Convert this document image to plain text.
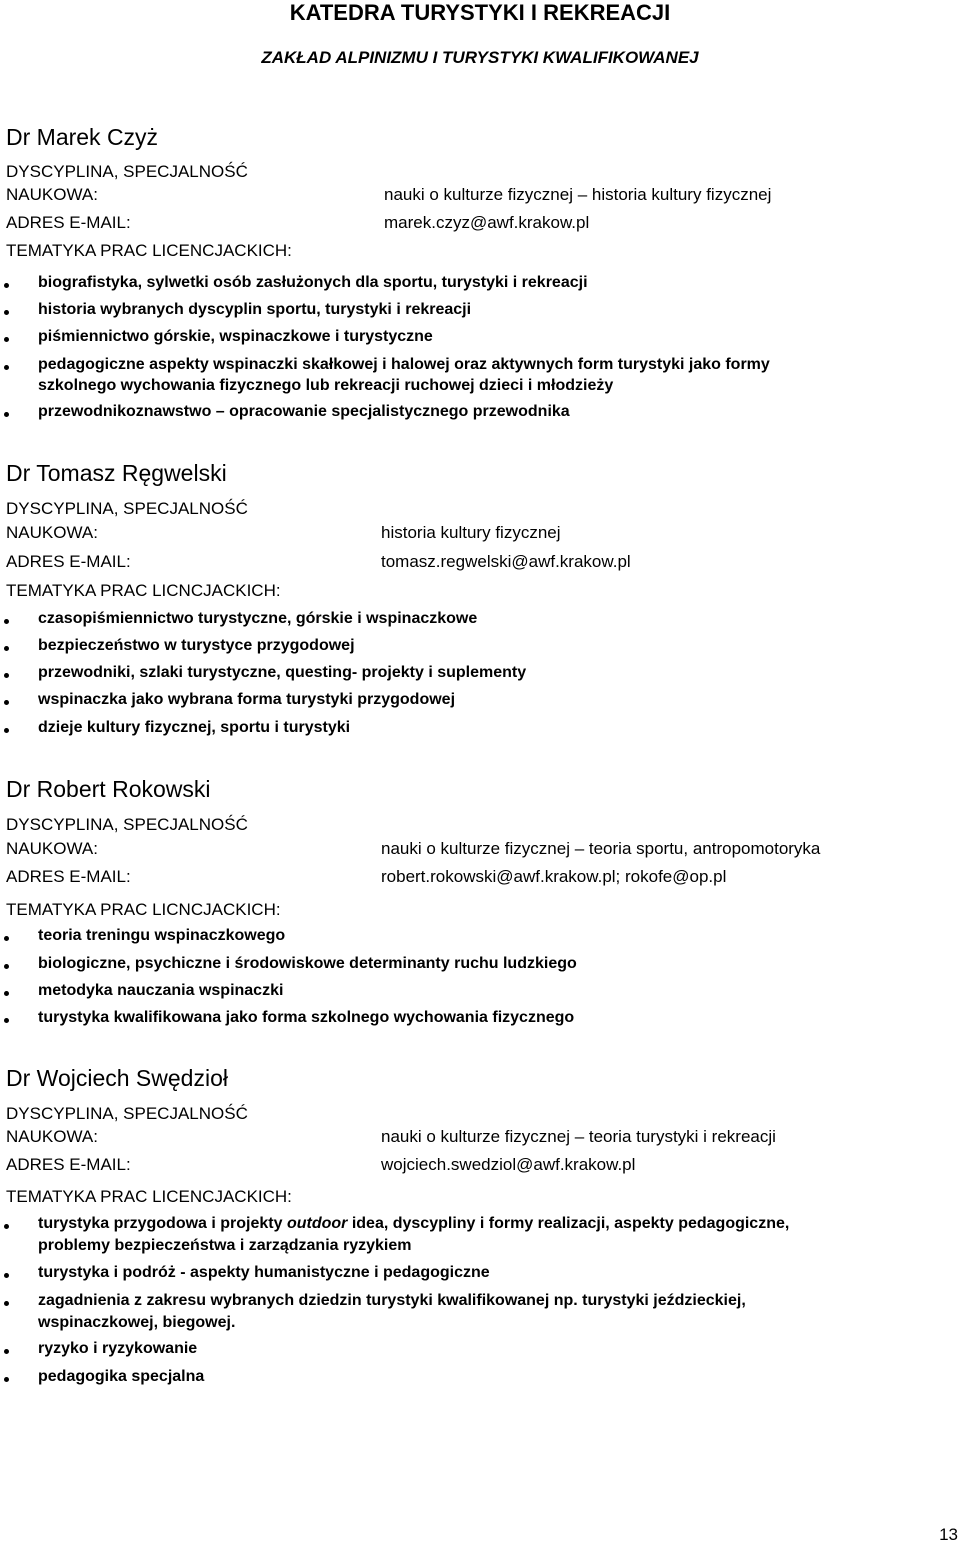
KATEDRA TURYSTYKI I REKREACJI
ZAKŁAD ALPINIZMU I TURYSTYKI KWALIFIKOWANEJ
Dr Marek Czyż
DYSCYPLINA, SPECJALNOŚĆ
NAUKOWA:	nauki o kulturze fizycznej – historia kultury fizycznej
ADRES E-MAIL:	marek.czyz@awf.krakow.pl
TEMATYKA PRAC LICENCJACKICH:
biografistyka, sylwetki osób zasłużonych dla sportu, turystyki i rekreacji
historia wybranych dyscyplin sportu, turystyki i rekreacji
piśmiennictwo górskie, wspinaczkowe i turystyczne
pedagogiczne aspekty wspinaczki skałkowej i halowej oraz aktywnych form turystyki jako formy
szkolnego wychowania fizycznego lub rekreacji ruchowej dzieci i młodzieży
przewodnikoznawstwo – opracowanie specjalistycznego przewodnika
Dr Tomasz Ręgwelski
DYSCYPLINA, SPECJALNOŚĆ
NAUKOWA:	historia kultury fizycznej
ADRES E-MAIL:	tomasz.regwelski@awf.krakow.pl
TEMATYKA PRAC LICNCJACKICH:
czasopiśmiennictwo turystyczne, górskie i wspinaczkowe
bezpieczeństwo w turystyce przygodowej
przewodniki, szlaki turystyczne, questing- projekty i suplementy
wspinaczka jako wybrana forma turystyki przygodowej
dzieje kultury fizycznej, sportu i turystyki
Dr Robert Rokowski
DYSCYPLINA, SPECJALNOŚĆ
NAUKOWA:	nauki o kulturze fizycznej – teoria sportu, antropomotoryka
ADRES E-MAIL:	robert.rokowski@awf.krakow.pl; rokofe@op.pl
TEMATYKA PRAC LICNCJACKICH:
teoria treningu wspinaczkowego
biologiczne, psychiczne i środowiskowe determinanty ruchu ludzkiego
metodyka nauczania wspinaczki
turystyka kwalifikowana jako forma szkolnego wychowania fizycznego
Dr Wojciech Swędzioł
DYSCYPLINA, SPECJALNOŚĆ
NAUKOWA:	nauki o kulturze fizycznej – teoria turystyki i rekreacji
ADRES E-MAIL:	wojciech.swedziol@awf.krakow.pl
TEMATYKA PRAC LICENCJACKICH:
turystyka przygodowa i projekty outdoor idea, dyscypliny i formy realizacji, aspekty pedagogiczne,
problemy bezpieczeństwa i zarządzania ryzykiem
turystyka i podróż - aspekty humanistyczne i pedagogiczne
zagadnienia z zakresu wybranych dziedzin turystyki kwalifikowanej np. turystyki jeździeckiej,
wspinaczkowej, biegowej.
ryzyko i ryzykowanie
pedagogika specjalna
13
